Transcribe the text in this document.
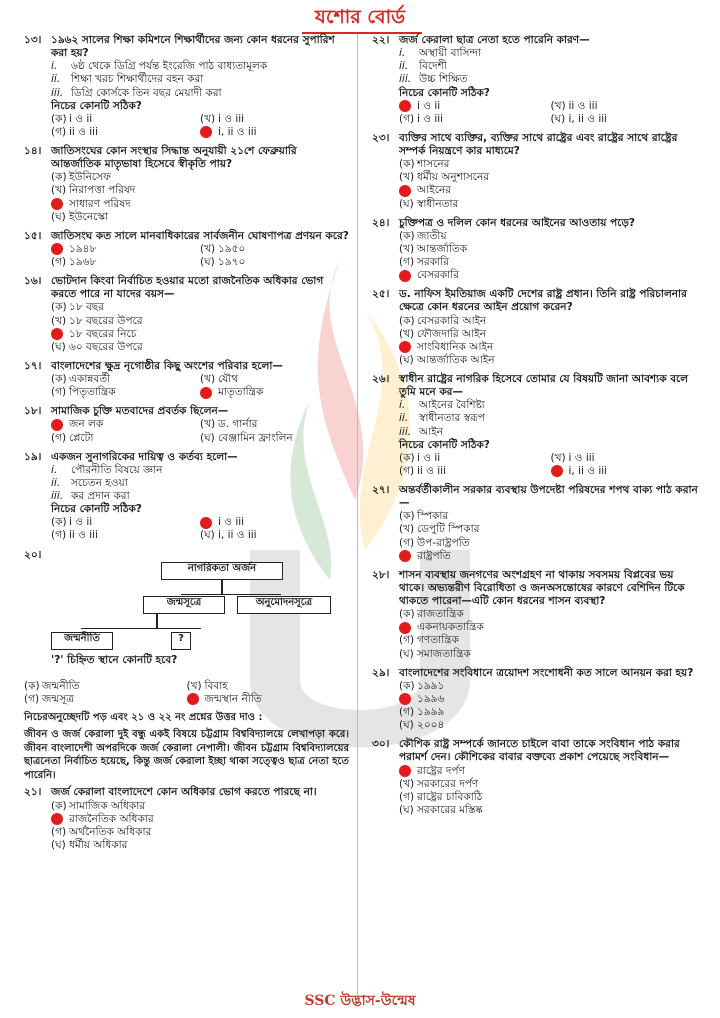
যশোর বোর্ড
১৩। ১৯৬২ সালের শিক্ষা কমিশনে শিক্ষার্থীদের জন্য কোন ধরনের সুপারিশ করা হয়?
i.	৬ষ্ঠ থেকে ডিগ্রি পর্যন্ত ইংরেজি পাঠ বাধ্যতামূলক
ii.	শিক্ষা খরচ শিক্ষার্থীদের বহন করা
iii. ডিগ্রি কোর্সকে তিন বছর মেয়াদী করা
নিচের কোনটি সঠিক?
(ক) i ও ii	(খ) i ও iii
(গ) ii ও iii	i, ii ও iii
১৪। জাতিসংঘের কোন সংস্থার সিদ্ধান্ত অনুযায়ী ২১শে ফেব্রুয়ারি আন্তর্জাতিক মাতৃভাষা হিসেবে স্বীকৃতি পায়?
(ক) ইউনিসেফ
(খ) নিরাপত্তা পরিষদ
সাধারণ পরিষদ
(ঘ) ইউনেস্কো
১৫। জাতিসংঘ কত সালে মানবাধিকারের সার্বজনীন ঘোষণাপত্র প্রণয়ন করে?
১৯৪৮	(খ) ১৯৫০
(গ) ১৯৬৮	(ঘ) ১৯৭০
১৬। ভোটদান কিংবা নির্বাচিত হওয়ার মতো রাজনৈতিক অধিকার ভোগ করতে পারে না যাদের বয়স—
(ক) ১৮ বছর
(খ) ১৮ বছরের উপরে
১৮ বছরের নিচে
(ঘ) ৬০ বছরের উপরে
১৭। বাংলাদেশের ক্ষুদ্র নৃগোষ্ঠীর কিছু অংশের পরিবার হলো—
(ক) একান্নবর্তী	(খ) যৌথ
(গ) পিতৃতান্ত্রিক	মাতৃতান্ত্রিক
১৮। সামাজিক চুক্তি মতবাদের প্রবর্তক ছিলেন—
জন লক	(খ) ড. গার্নার
(গ) প্লেটো	(ঘ) বেঞ্জামিন ফ্রাংলিন
১৯। একজন সুনাগরিকের দায়িত্ব ও কর্তব্য হলো—
i.	পৌরনীতি বিষয়ে জ্ঞান
ii.	সচেতন হওয়া
iii. কর প্রদান করা
নিচের কোনটি সঠিক?
(ক) i ও ii	i ও iii
(গ) ii ও iii	(ঘ) i, ii ও iii
২০।
নাগরিকতা অর্জন
জন্মসূত্রে	অনুমোদনসূত্রে
জন্মনীতি	?
'?' চিহ্নিত স্থানে কোনটি হবে?
(ক) জন্মনীতি	(খ) বিবাহ
(গ) জন্মসূত্র	জন্মস্থান নীতি
নিচেরঅনুচ্ছেদটি পড় এবং ২১ ও ২২ নং প্রশ্নের উত্তর দাও :
জীবন ও জর্জ কেরালা দুই বন্ধু একই বিষয়ে চট্টগ্রাম বিশ্ববিদ্যালয়ে লেখাপড়া করে। জীবন বাংলাদেশী অপরদিকে জর্জ কেরালা নেপালী। জীবন চট্টগ্রাম বিশ্ববিদ্যালয়ের ছাত্রনেতা নির্বাচিত হয়েছে, কিন্তু জর্জ কেরালা ইচ্ছা থাকা সত্ত্বেও ছাত্র নেতা হতে পারেনি।
২১। জর্জ কেরালা বাংলাদেশে কোন অধিকার ভোগ করতে পারছে না।
(ক) সামাজিক অধিকার
রাজনৈতিক অধিকার
(গ) অর্থনৈতিক অধিকার
(ঘ) ধর্মীয় অধিকার
২২। জর্জ কেরালা ছাত্র নেতা হতে পারেনি কারণ—
i.	অস্থায়ী বাসিন্দা
ii.	বিদেশী
iii. উচ্চ শিক্ষিত
নিচের কোনটি সঠিক?
i ও ii	(খ) ii ও iii
(গ) i ও iii	(ঘ) i, ii ও iii
২৩। ব্যক্তির সাথে ব্যক্তির, ব্যক্তির সাথে রাষ্ট্রের এবং রাষ্ট্রের সাথে রাষ্ট্রের সম্পর্ক নিয়ন্ত্রণে কার মাধ্যমে?
(ক) শাসনের
(খ) ধর্মীয় অনুশাসনের
আইনের
(ঘ) স্বাধীনতার
২৪। চুক্তিপত্র ও দলিল কোন ধরনের আইনের আওতায় পড়ে?
(ক) জাতীয়
(খ) আন্তর্জাতিক
(গ) সরকারি
বেসরকারি
২৫। ড. নাফিস ইমতিয়াজ একটি দেশের রাষ্ট্র প্রধান। তিনি রাষ্ট্র পরিচালনার ক্ষেত্রে কোন ধরনের আইন প্রয়োগ করেন?
(ক) বেসরকারি আইন
(খ) ফৌজদারি আইন
সাংবিধানিক আইন
(ঘ) আন্তর্জাতিক আইন
২৬। স্বাধীন রাষ্ট্রের নাগরিক হিসেবে তোমার যে বিষয়টি জানা আবশ্যক বলে তুমি মনে কর—
i.	আইনের বৈশিষ্ট্য
ii.	স্বাধীনতার স্বরূপ
iii. আইন
নিচের কোনটি সঠিক?
(ক) i ও ii	(খ) i ও iii
(গ) ii ও iii	i, ii ও iii
২৭। অন্তর্বর্তীকালীন সরকার ব্যবস্থায় উপদেষ্টা পরিষদের শপথ বাক্য পাঠ করান—
(ক) স্পিকার
(খ) ডেপুটি স্পিকার
(গ) উপ-রাষ্ট্রপতি
রাষ্ট্রপতি
২৮। শাসন ব্যবস্থায় জনগণের অংশগ্রহণ না থাকায় সবসময় বিপ্লবের ভয় থাকে। অভ্যন্তরীণ বিরোধিতা ও জনঅসন্তোষের কারণে বেশিদিন টিকে থাকতে পারেনা—এটি কোন ধরনের শাসন ব্যবস্থা?
(ক) রাজতান্ত্রিক
একনায়কতান্ত্রিক
(গ) গণতান্ত্রিক
(ঘ) সমাজতান্ত্রিক
২৯। বাংলাদেশের সংবিধানে ত্রয়োদশ সংশোধনী কত সালে আনয়ন করা হয়?
(ক) ১৯৯১
১৯৯৬
(গ) ১৯৯৯
(ঘ) ২০০৪
৩০। কৌশিক রাষ্ট্র সম্পর্কে জানতে চাইলে বাবা তাকে সংবিধান পাঠ করার পরামর্শ দেন। কৌশিকের বাবার বক্তব্যে প্রকাশ পেয়েছে সংবিধান—
রাষ্ট্রের দর্পণ
(খ) সরকারের দর্পণ
(গ) রাষ্ট্রের চাবিকাঠি
(ঘ) সরকারের মস্তিষ্ক
SSC উদ্ভাস-উন্মেষ
